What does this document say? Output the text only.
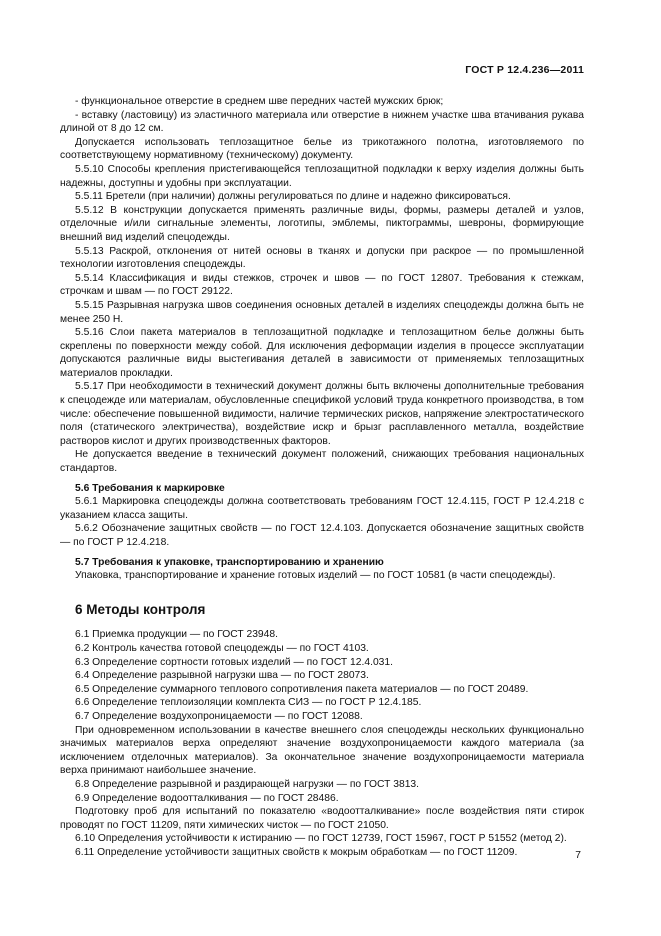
ГОСТ Р 12.4.236—2011

- функциональное отверстие в среднем шве передних частей мужских брюк;

- вставку (ластовицу) из эластичного материала или отверстие в нижнем участке шва втачивания рукава длиной от 8 до 12 см.

Допускается использовать теплозащитное белье из трикотажного полотна, изготовляемого по соответствующему нормативному (техническому) документу.

5.5.10 Способы крепления пристегивающейся теплозащитной подкладки к верху изделия должны быть надежны, доступны и удобны при эксплуатации.

5.5.11 Бретели (при наличии) должны регулироваться по длине и надежно фиксироваться.

5.5.12 В конструкции допускается применять различные виды, формы, размеры деталей и узлов, отделочные и/или сигнальные элементы, логотипы, эмблемы, пиктограммы, шевроны, формирующие внешний вид изделий спецодежды.

5.5.13 Раскрой, отклонения от нитей основы в тканях и допуски при раскрое — по промышленной технологии изготовления спецодежды.

5.5.14 Классификация и виды стежков, строчек и швов — по ГОСТ 12807. Требования к стежкам, строчкам и швам — по ГОСТ 29122.

5.5.15 Разрывная нагрузка швов соединения основных деталей в изделиях спецодежды должна быть не менее 250 Н.

5.5.16 Слои пакета материалов в теплозащитной подкладке и теплозащитном белье должны быть скреплены по поверхности между собой. Для исключения деформации изделия в процессе эксплуатации допускаются различные виды выстегивания деталей в зависимости от применяемых теплозащитных материалов прокладки.

5.5.17 При необходимости в технический документ должны быть включены дополнительные требования к спецодежде или материалам, обусловленные спецификой условий труда конкретного производства, в том числе: обеспечение повышенной видимости, наличие термических рисков, напряжение электростатического поля (статического электричества), воздействие искр и брызг расплавленного металла, воздействие растворов кислот и других производственных факторов.

Не допускается введение в технический документ положений, снижающих требования национальных стандартов.

5.6 Требования к маркировке

5.6.1 Маркировка спецодежды должна соответствовать требованиям ГОСТ 12.4.115, ГОСТ Р 12.4.218 с указанием класса защиты.

5.6.2 Обозначение защитных свойств — по ГОСТ 12.4.103. Допускается обозначение защитных свойств — по ГОСТ Р 12.4.218.

5.7 Требования к упаковке, транспортированию и хранению

Упаковка, транспортирование и хранение готовых изделий — по ГОСТ 10581 (в части спецодежды).

6 Методы контроля

6.1 Приемка продукции — по ГОСТ 23948.

6.2 Контроль качества готовой спецодежды — по ГОСТ 4103.

6.3 Определение сортности готовых изделий — по ГОСТ 12.4.031.

6.4 Определение разрывной нагрузки шва — по ГОСТ 28073.

6.5 Определение суммарного теплового сопротивления пакета материалов — по ГОСТ 20489.

6.6 Определение теплоизоляции комплекта СИЗ — по ГОСТ Р 12.4.185.

6.7 Определение воздухопроницаемости — по ГОСТ 12088.

При одновременном использовании в качестве внешнего слоя спецодежды нескольких функционально значимых материалов верха определяют значение воздухопроницаемости каждого материала (за исключением отделочных материалов). За окончательное значение воздухопроницаемости материала верха принимают наибольшее значение.

6.8 Определение разрывной и раздирающей нагрузки — по ГОСТ 3813.

6.9 Определение водоотталкивания — по ГОСТ 28486.

Подготовку проб для испытаний по показателю «водоотталкивание» после воздействия пяти стирок проводят по ГОСТ 11209, пяти химических чисток — по ГОСТ 21050.

6.10 Определения устойчивости к истиранию — по ГОСТ 12739, ГОСТ 15967, ГОСТ Р 51552 (метод 2).

6.11 Определение устойчивости защитных свойств к мокрым обработкам — по ГОСТ 11209.	7
